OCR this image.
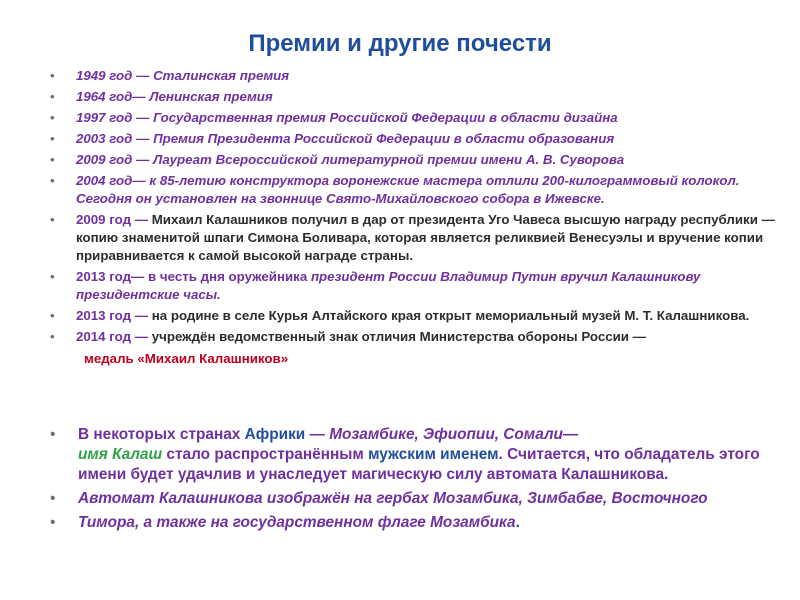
Премии и другие почести
• 1949 год — Сталинская премия
• 1964 год— Ленинская премия
• 1997 год — Государственная премия Российской Федерации в области дизайна
• 2003 год — Премия Президента Российской Федерации в области образования
• 2009 год — Лауреат Всероссийской литературной премии имени А. В. Суворова
• 2004 год— к 85-летию конструктора воронежские мастера отлили 200-килограммовый колокол. Сегодня он установлен на звоннице Свято-Михайловского собора в Ижевске.
• 2009 год — Михаил Калашников получил в дар от президента Уго Чавеса высшую награду республики — копию знаменитой шпаги Симона Боливара, которая является реликвией Венесуэлы и вручение копии приравнивается к самой высокой награде страны.
• 2013 год— в честь дня оружейника президент России Владимир Путин вручил Калашникову президентские часы.
• 2013 год — на родине в селе Курья Алтайского края открыт мемориальный музей М. Т. Калашникова.
• 2014 год — учреждён ведомственный знак отличия Министерства обороны России —
медаль «Михаил Калашников»
• В некоторых странах Африки — Мозамбике, Эфиопии, Сомали—
имя Калаш стало распространённым мужским именем. Считается, что обладатель этого имени будет удачлив и унаследует магическую силу автомата Калашникова.
• Автомат Калашникова изображён на гербах Мозамбика, Зимбабве, Восточного
• Тимора, а также на государственном флаге Мозамбика.
